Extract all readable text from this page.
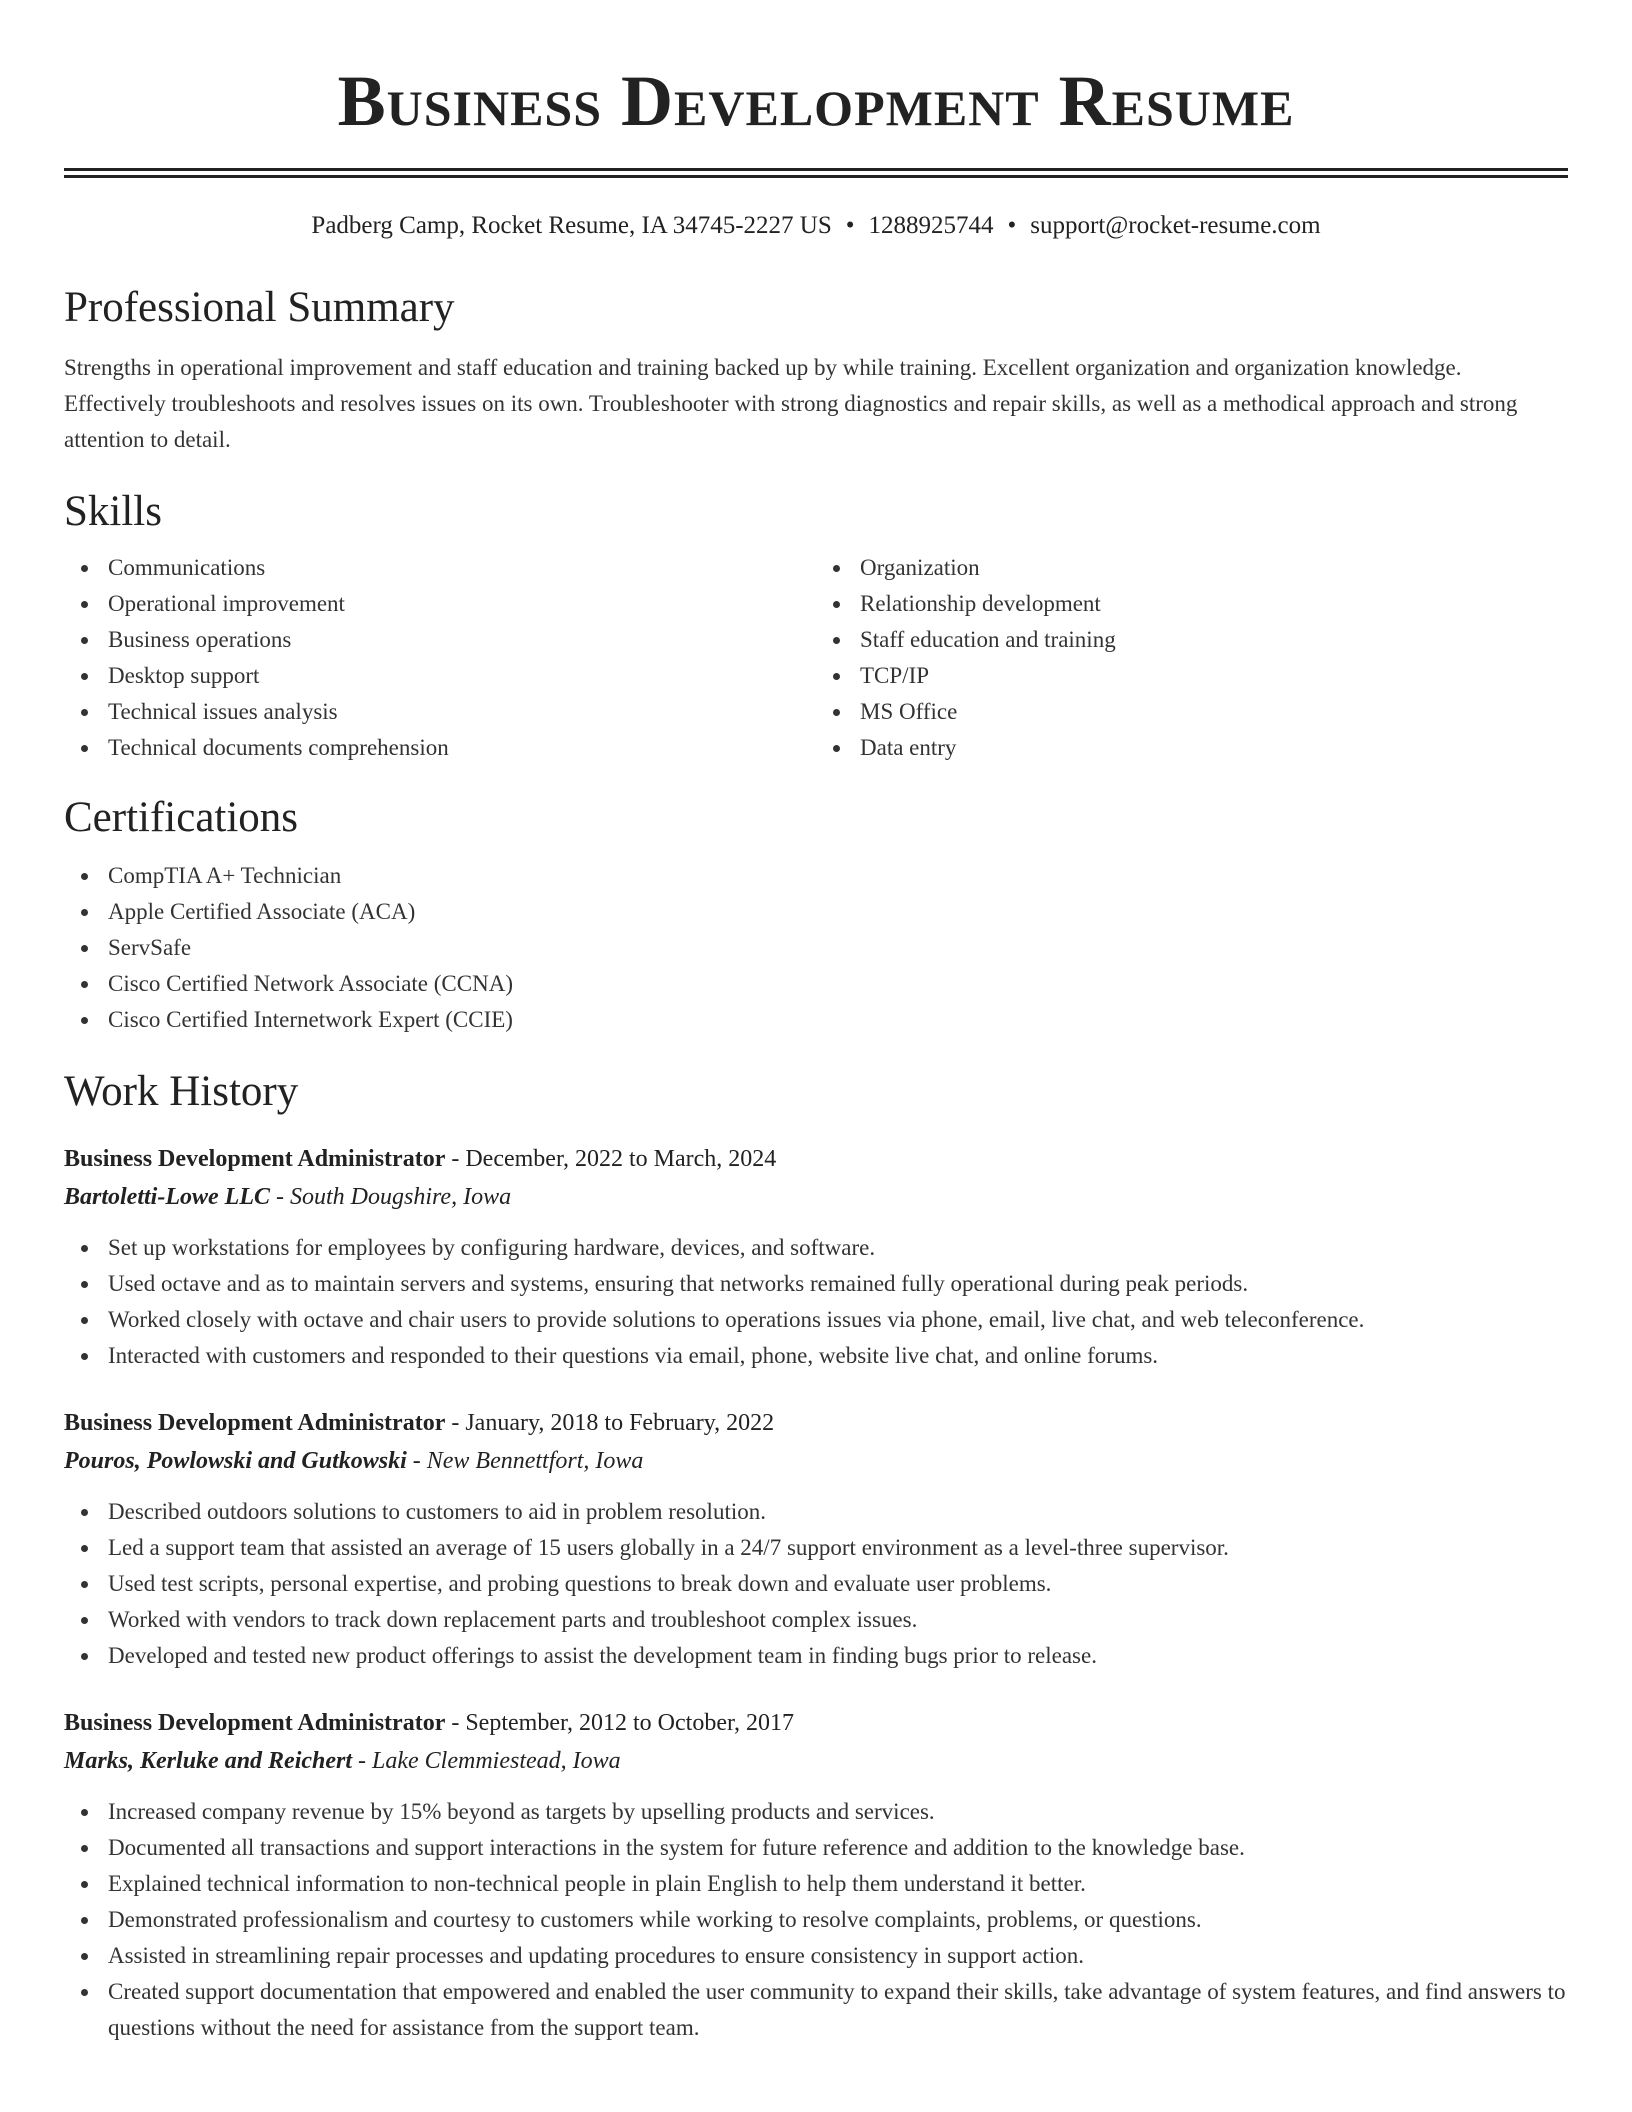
Business Development Resume
Padberg Camp, Rocket Resume, IA 34745-2227 US • 1288925744 • support@rocket-resume.com
Professional Summary

Strengths in operational improvement and staff education and training backed up by while training. Excellent organization and organization knowledge. Effectively troubleshoots and resolves issues on its own. Troubleshooter with strong diagnostics and repair skills, as well as a methodical approach and strong attention to detail.

Skills
Communications
Operational improvement
Business operations
Desktop support
Technical issues analysis
Technical documents comprehension
Organization
Relationship development
Staff education and training
TCP/IP
MS Office
Data entry
Certifications
CompTIA A+ Technician
Apple Certified Associate (ACA)
ServSafe
Cisco Certified Network Associate (CCNA)
Cisco Certified Internetwork Expert (CCIE)
Work History
Business Development Administrator - December, 2022 to March, 2024
Bartoletti-Lowe LLC - South Dougshire, Iowa
Set up workstations for employees by configuring hardware, devices, and software.
Used octave and as to maintain servers and systems, ensuring that networks remained fully operational during peak periods.
Worked closely with octave and chair users to provide solutions to operations issues via phone, email, live chat, and web teleconference.
Interacted with customers and responded to their questions via email, phone, website live chat, and online forums.
Business Development Administrator - January, 2018 to February, 2022
Pouros, Powlowski and Gutkowski - New Bennettfort, Iowa
Described outdoors solutions to customers to aid in problem resolution.
Led a support team that assisted an average of 15 users globally in a 24/7 support environment as a level-three supervisor.
Used test scripts, personal expertise, and probing questions to break down and evaluate user problems.
Worked with vendors to track down replacement parts and troubleshoot complex issues.
Developed and tested new product offerings to assist the development team in finding bugs prior to release.
Business Development Administrator - September, 2012 to October, 2017
Marks, Kerluke and Reichert - Lake Clemmiestead, Iowa
Increased company revenue by 15% beyond as targets by upselling products and services.
Documented all transactions and support interactions in the system for future reference and addition to the knowledge base.
Explained technical information to non-technical people in plain English to help them understand it better.
Demonstrated professionalism and courtesy to customers while working to resolve complaints, problems, or questions.
Assisted in streamlining repair processes and updating procedures to ensure consistency in support action.
Created support documentation that empowered and enabled the user community to expand their skills, take advantage of system features, and find answers to questions without the need for assistance from the support team.
